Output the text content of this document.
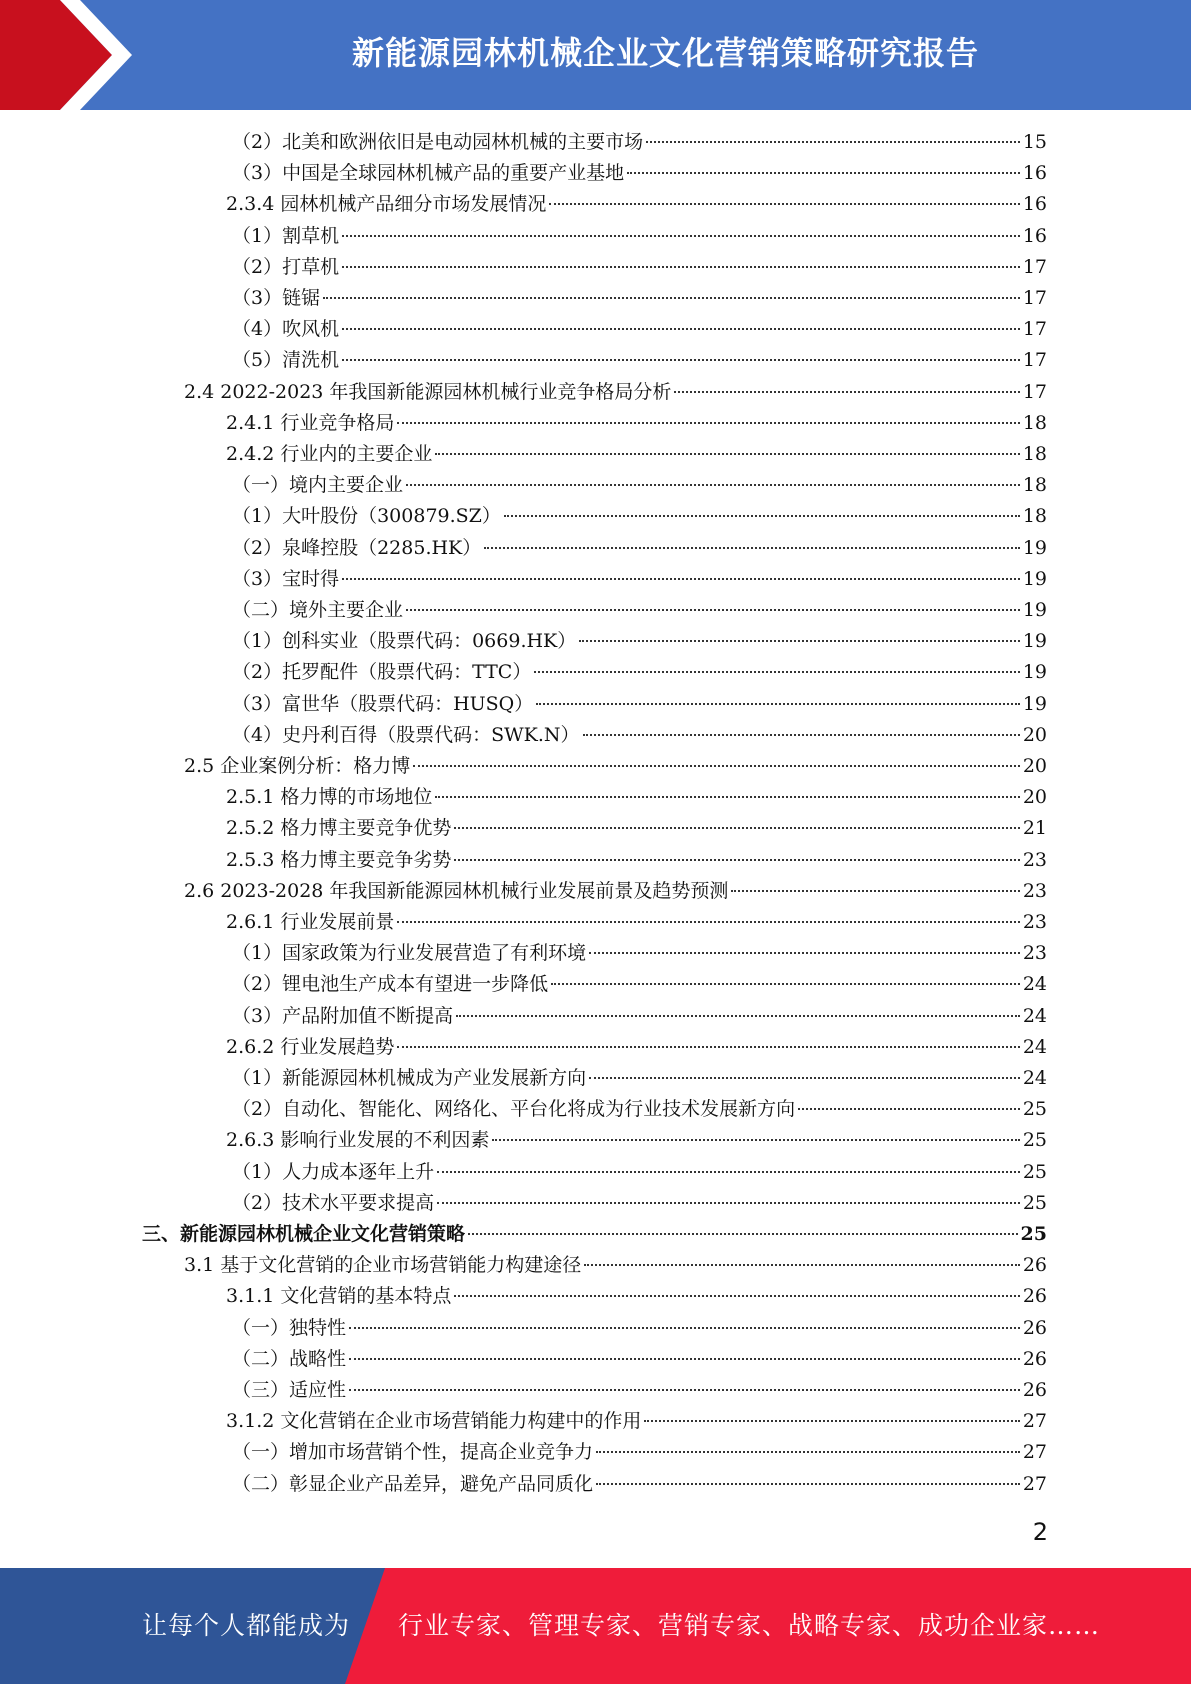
新能源园林机械企业文化营销策略研究报告
（2）北美和欧洲依旧是电动园林机械的主要市场	15
（3）中国是全球园林机械产品的重要产业基地	16
2.3.4 园林机械产品细分市场发展情况	16
（1）割草机	16
（2）打草机	17
（3）链锯	17
（4）吹风机	17
（5）清洗机	17
2.4 2022-2023 年我国新能源园林机械行业竞争格局分析	17
2.4.1 行业竞争格局	18
2.4.2 行业内的主要企业	18
（一）境内主要企业	18
（1）大叶股份（300879.SZ）	18
（2）泉峰控股（2285.HK）	19
（3）宝时得	19
（二）境外主要企业	19
（1）创科实业（股票代码：0669.HK）	19
（2）托罗配件（股票代码：TTC）	19
（3）富世华（股票代码：HUSQ）	19
（4）史丹利百得（股票代码：SWK.N）	20
2.5 企业案例分析：格力博	20
2.5.1 格力博的市场地位	20
2.5.2 格力博主要竞争优势	21
2.5.3 格力博主要竞争劣势	23
2.6 2023-2028 年我国新能源园林机械行业发展前景及趋势预测	23
2.6.1 行业发展前景	23
（1）国家政策为行业发展营造了有利环境	23
（2）锂电池生产成本有望进一步降低	24
（3）产品附加值不断提高	24
2.6.2 行业发展趋势	24
（1）新能源园林机械成为产业发展新方向	24
（2）自动化、智能化、网络化、平台化将成为行业技术发展新方向	25
2.6.3 影响行业发展的不利因素	25
（1）人力成本逐年上升	25
（2）技术水平要求提高	25
三、新能源园林机械企业文化营销策略	25
3.1 基于文化营销的企业市场营销能力构建途径	26
3.1.1 文化营销的基本特点	26
（一）独特性	26
（二）战略性	26
（三）适应性	26
3.1.2 文化营销在企业市场营销能力构建中的作用	27
（一）增加市场营销个性，提高企业竞争力	27
（二）彰显企业产品差异，避免产品同质化	27
2
让每个人都能成为 行业专家、管理专家、营销专家、战略专家、成功企业家……
